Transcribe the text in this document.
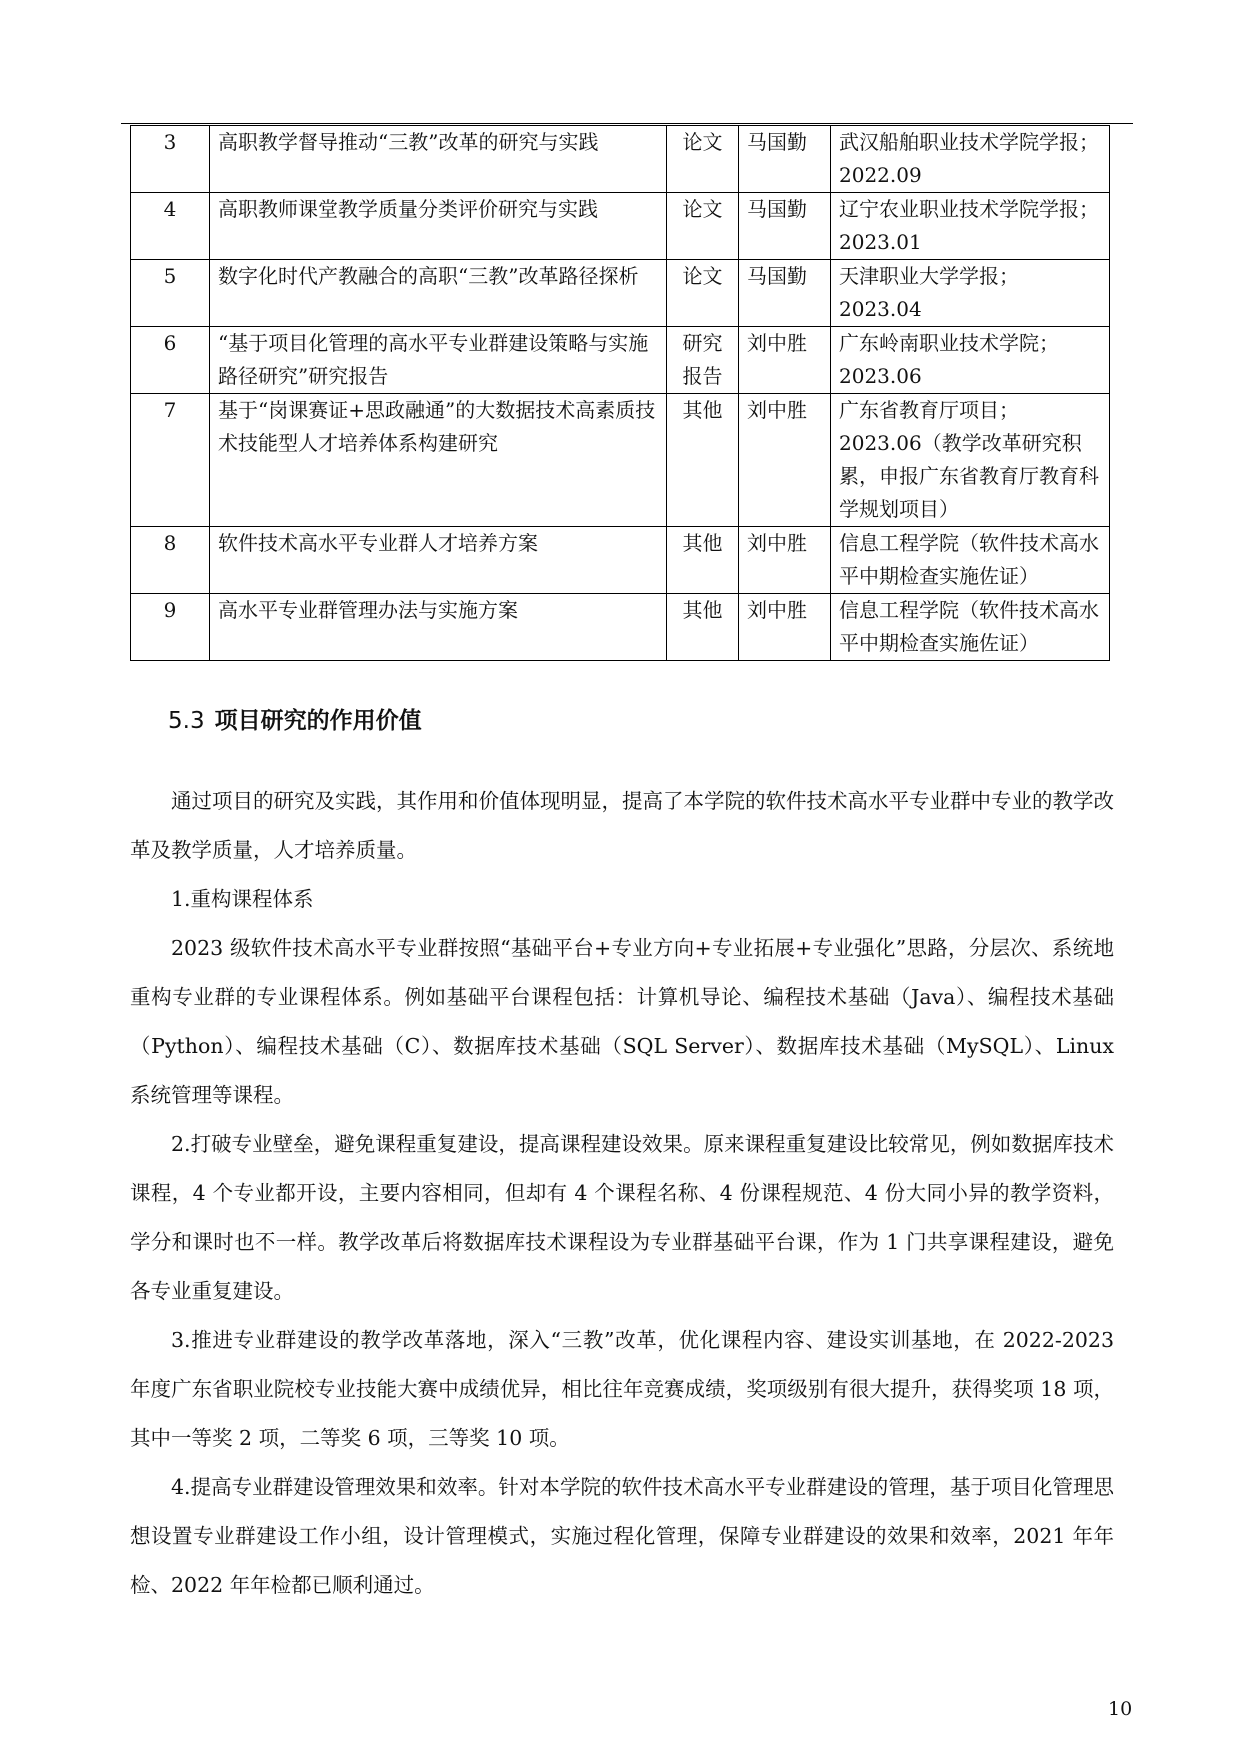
3	高职教学督导推动“三教”改革的研究与实践	论文	马国勤	武汉船舶职业技术学院学报；2022.09
4	高职教师课堂教学质量分类评价研究与实践	论文	马国勤	辽宁农业职业技术学院学报；2023.01
5	数字化时代产教融合的高职“三教”改革路径探析	论文	马国勤	天津职业大学学报；2023.04
6	“基于项目化管理的高水平专业群建设策略与实施路径研究”研究报告	研究报告	刘中胜	广东岭南职业技术学院；2023.06
7	基于“岗课赛证+思政融通”的大数据技术高素质技术技能型人才培养体系构建研究	其他	刘中胜	广东省教育厅项目；2023.06（教学改革研究积累，申报广东省教育厅教育科学规划项目）
8	软件技术高水平专业群人才培养方案	其他	刘中胜	信息工程学院（软件技术高水平中期检查实施佐证）
9	高水平专业群管理办法与实施方案	其他	刘中胜	信息工程学院（软件技术高水平中期检查实施佐证）
5.3 项目研究的作用价值

通过项目的研究及实践，其作用和价值体现明显，提高了本学院的软件技术高水平专业群中专业的教学改革及教学质量，人才培养质量。

1.重构课程体系

2023 级软件技术高水平专业群按照“基础平台+专业方向+专业拓展+专业强化”思路，分层次、系统地重构专业群的专业课程体系。例如基础平台课程包括：计算机导论、编程技术基础（Java）、编程技术基础（Python）、编程技术基础（C）、数据库技术基础（SQL Server）、数据库技术基础（MySQL）、Linux 系统管理等课程。

2.打破专业壁垒，避免课程重复建设，提高课程建设效果。原来课程重复建设比较常见，例如数据库技术课程，4 个专业都开设，主要内容相同，但却有 4 个课程名称、4 份课程规范、4 份大同小异的教学资料，学分和课时也不一样。教学改革后将数据库技术课程设为专业群基础平台课，作为 1 门共享课程建设，避免各专业重复建设。

3.推进专业群建设的教学改革落地，深入“三教”改革，优化课程内容、建设实训基地，在 2022-2023 年度广东省职业院校专业技能大赛中成绩优异，相比往年竞赛成绩，奖项级别有很大提升，获得奖项 18 项，其中一等奖 2 项，二等奖 6 项，三等奖 10 项。

4.提高专业群建设管理效果和效率。针对本学院的软件技术高水平专业群建设的管理，基于项目化管理思想设置专业群建设工作小组，设计管理模式，实施过程化管理，保障专业群建设的效果和效率，2021 年年检、2022 年年检都已顺利通过。

10
